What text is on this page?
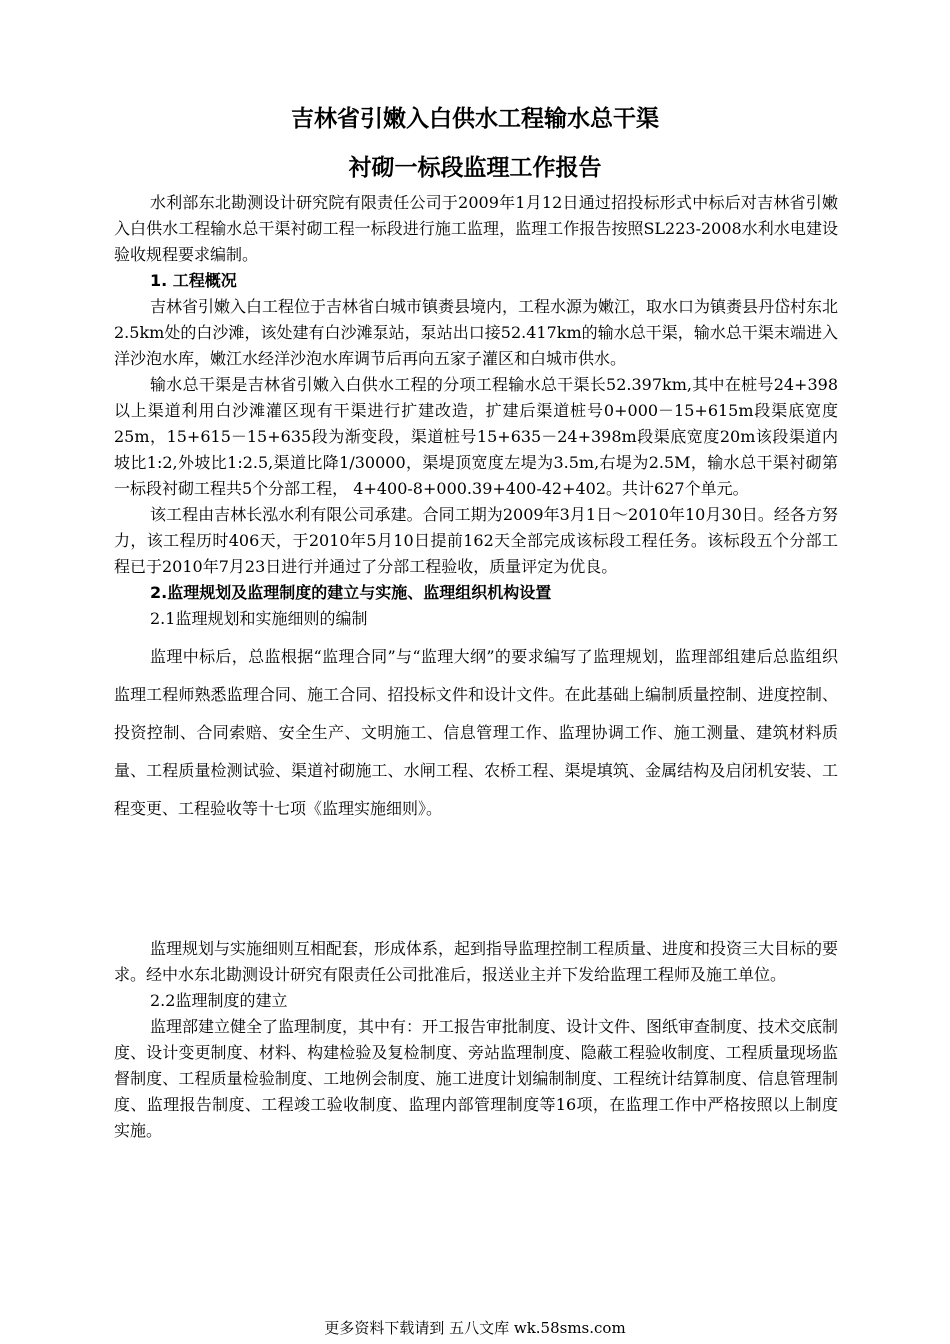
吉林省引嫩入白供水工程输水总干渠
衬砌一标段监理工作报告

水利部东北勘测设计研究院有限责任公司于2009年1月12日通过招投标形式中标后对吉林省引嫩入白供水工程输水总干渠衬砌工程一标段进行施工监理，监理工作报告按照SL223-2008水利水电建设验收规程要求编制。

1. 工程概况

吉林省引嫩入白工程位于吉林省白城市镇赉县境内，工程水源为嫩江，取水口为镇赉县丹岱村东北2.5km处的白沙滩，该处建有白沙滩泵站，泵站出口接52.417km的输水总干渠，输水总干渠末端进入洋沙泡水库，嫩江水经洋沙泡水库调节后再向五家子灌区和白城市供水。

输水总干渠是吉林省引嫩入白供水工程的分项工程输水总干渠长52.397km,其中在桩号24+398以上渠道利用白沙滩灌区现有干渠进行扩建改造，扩建后渠道桩号0+000－15+615m段渠底宽度25m，15+615－15+635段为渐变段，渠道桩号15+635－24+398m段渠底宽度20m该段渠道内坡比1:2,外坡比1:2.5,渠道比降1/30000，渠堤顶宽度左堤为3.5m,右堤为2.5M，输水总干渠衬砌第一标段衬砌工程共5个分部工程， 4+400-8+000.39+400-42+402。共计627个单元。

该工程由吉林长泓水利有限公司承建。合同工期为2009年3月1日～2010年10月30日。经各方努力，该工程历时406天，于2010年5月10日提前162天全部完成该标段工程任务。该标段五个分部工程已于2010年7月23日进行并通过了分部工程验收，质量评定为优良。

2.监理规划及监理制度的建立与实施、监理组织机构设置

2.1监理规划和实施细则的编制

监理中标后，总监根据“监理合同”与“监理大纲”的要求编写了监理规划，监理部组建后总监组织监理工程师熟悉监理合同、施工合同、招投标文件和设计文件。在此基础上编制质量控制、进度控制、投资控制、合同索赔、安全生产、文明施工、信息管理工作、监理协调工作、施工测量、建筑材料质量、工程质量检测试验、渠道衬砌施工、水闸工程、农桥工程、渠堤填筑、金属结构及启闭机安装、工程变更、工程验收等十七项《监理实施细则》。

监理规划与实施细则互相配套，形成体系，起到指导监理控制工程质量、进度和投资三大目标的要求。经中水东北勘测设计研究有限责任公司批准后，报送业主并下发给监理工程师及施工单位。

2.2监理制度的建立

监理部建立健全了监理制度，其中有：开工报告审批制度、设计文件、图纸审查制度、技术交底制度、设计变更制度、材料、构建检验及复检制度、旁站监理制度、隐蔽工程验收制度、工程质量现场监督制度、工程质量检验制度、工地例会制度、施工进度计划编制制度、工程统计结算制度、信息管理制度、监理报告制度、工程竣工验收制度、监理内部管理制度等16项，在监理工作中严格按照以上制度实施。

更多资料下载请到 五八文库 wk.58sms.com
